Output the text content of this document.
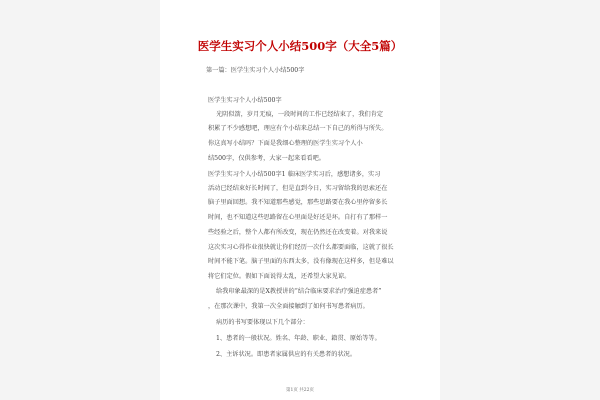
医学生实习个人小结500字（大全5篇）
第一篇：医学生实习个人小结500字
医学生实习个人小结500字
光阴似箭，岁月无痕，一段时间的工作已经结束了，我们肯定
积累了不少感想吧，理应有个小结来总结一下自己的所得与所失。
你这真写小结吗？下面是我细心整理的医学生实习个人小
结500字，仅供参考，大家一起来看看吧。
医学生实习个人小结500字1 临床医学实习后，感想诸多，实习
活动已经结束好长时间了，但是直到今日，实习留给我的思索还在
脑子里面回想。我不知道那些感觉，那些思路要在我心里停留多长
时间，也不知道这些思路留在心里面是好还是坏。自打有了那样一
些经验之后，整个人都有所改变，现在仍然还在改变着。对我来说
这次实习心得作业很快就让你们经历一次什么都要面临，这就了很长
时间不能下笔。脑子里面的东西太多，没有像现在这样多，但是难以
将它们定位。假如下面说得太乱，还希望大家见谅。
给我印象最深的是X教授讲的“结合临床要求治疗强迫症患者”
，在那次课中，我第一次全面接触到了如何书写患者病历。
病历的书写要体现以下几个部分：
1、患者的一般状况。姓名、年龄、职业、籍贯、原始等等。
2、主诉状况。即患者家属供应的有关患者的状况。
第1页 共22页
